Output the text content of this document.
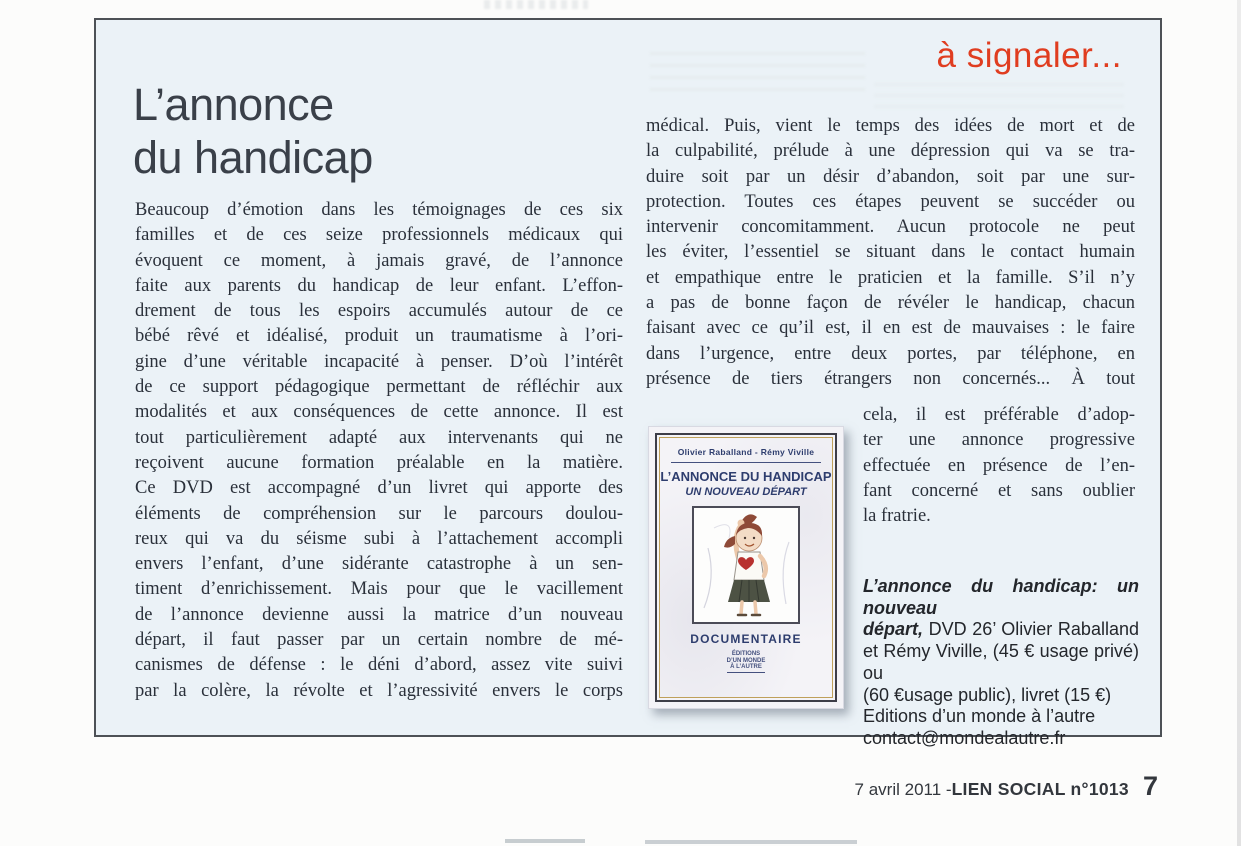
à signaler...
L’annonce
du handicap
Beaucoup d’émotion dans les témoignages de ces six
familles et de ces seize professionnels médicaux qui
évoquent ce moment, à jamais gravé, de l’annonce
faite aux parents du handicap de leur enfant. L’effon-
drement de tous les espoirs accumulés autour de ce
bébé rêvé et idéalisé, produit un traumatisme à l’ori-
gine d’une véritable incapacité à penser. D’où l’intérêt
de ce support pédagogique permettant de réfléchir aux
modalités et aux conséquences de cette annonce. Il est
tout particulièrement adapté aux intervenants qui ne
reçoivent aucune formation préalable en la matière.
Ce DVD est accompagné d’un livret qui apporte des
éléments de compréhension sur le parcours doulou-
reux qui va du séisme subi à l’attachement accompli
envers l’enfant, d’une sidérante catastrophe à un sen-
timent d’enrichissement. Mais pour que le vacillement
de l’annonce devienne aussi la matrice d’un nouveau
départ, il faut passer par un certain nombre de mé-
canismes de défense : le déni d’abord, assez vite suivi
par la colère, la révolte et l’agressivité envers le corps
médical. Puis, vient le temps des idées de mort et de
la culpabilité, prélude à une dépression qui va se tra-
duire soit par un désir d’abandon, soit par une sur-
protection. Toutes ces étapes peuvent se succéder ou
intervenir concomitamment. Aucun protocole ne peut
les éviter, l’essentiel se situant dans le contact humain
et empathique entre le praticien et la famille. S’il n’y
a pas de bonne façon de révéler le handicap, chacun
faisant avec ce qu’il est, il en est de mauvaises : le faire
dans l’urgence, entre deux portes, par téléphone, en
présence de tiers étrangers non concernés... À tout
cela, il est préférable d’adop-
ter une annonce progressive
effectuée en présence de l’en-
fant concerné et sans oublier
la fratrie.
Olivier Raballand - Rémy Viville
L’ANNONCE DU HANDICAP
UN NOUVEAU DÉPART
DOCUMENTAIRE
ÉDITIONS
D’UN MONDE
À L’AUTRE
L’annonce du handicap: un nouveau
départ, DVD 26’ Olivier Raballand
et Rémy Viville, (45 € usage privé) ou
(60 €usage public), livret (15 €)
Editions d’un monde à l’autre
contact@mondealautre.fr
7 avril 2011 - LIEN SOCIAL n°1013 7
